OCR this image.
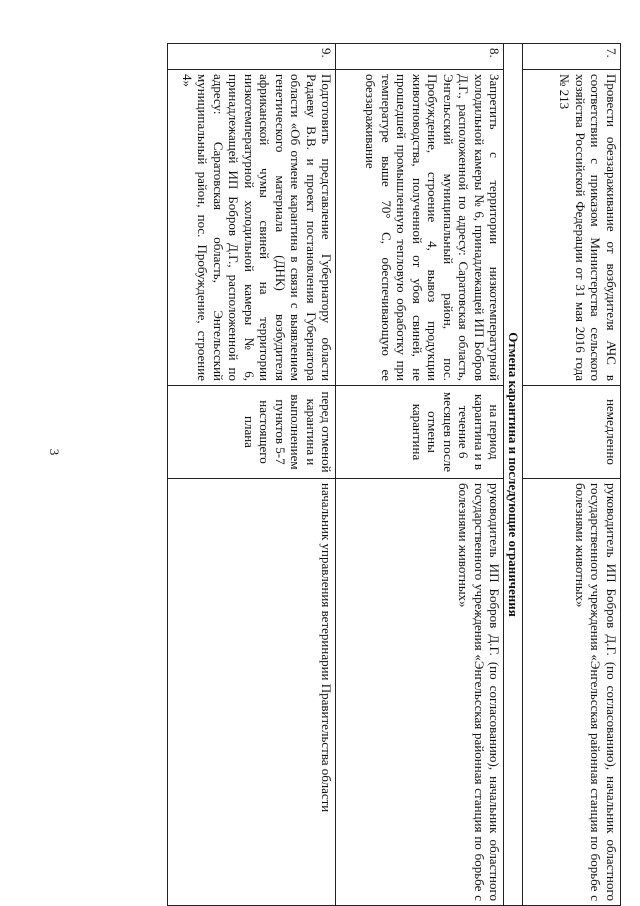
3
7.	Провести обеззараживание от возбудителя АЧС в соответствии с приказом Министерства сельского хозяйства Российской Федерации от 31 мая 2016 года № 213	немедленно	руководитель ИП Бобров Д.Г. (по согласованию), начальник областного государственного учреждения «Энгельсская районная станция по борьбе с болезнями животных»
Отмена карантина и последующие ограничения			
8.	Запретить с территории низкотемпературной холодильной камеры № 6, принадлежащей ИП Бобров Д.Г., расположенной по адресу: Саратовская область, Энгельсский муниципальный район, пос. Пробуждение, строение 4, вывоз продукции животноводства, полученной от убоя свиней, не прошедшей промышленную тепловую обработку при температуре выше 70° С, обеспечивающую ее обеззараживание	на период карантина и в течение 6 месяцев после отмены карантина	руководитель ИП Бобров Д.Г. (по согласованию), начальник областного государственного учреждения «Энгельсская районная станция по борьбе с болезнями животных»
9.	Подготовить представление Губернатору области Радаеву В.В. и проект постановления Губернатора области «Об отмене карантина в связи с выявлением генетического материала (ДНК) возбудителя африканской чумы свиней на территории низкотемпературной холодильной камеры № 6, принадлежащей ИП Бобров Д.Г., расположенной по адресу: Саратовская область, Энгельсский муниципальный район, пос. Пробуждение, строение 4»	перед отменой карантина и выполнением пунктов 5-7 настоящего плана	начальник управления ветеринарии Правительства области
